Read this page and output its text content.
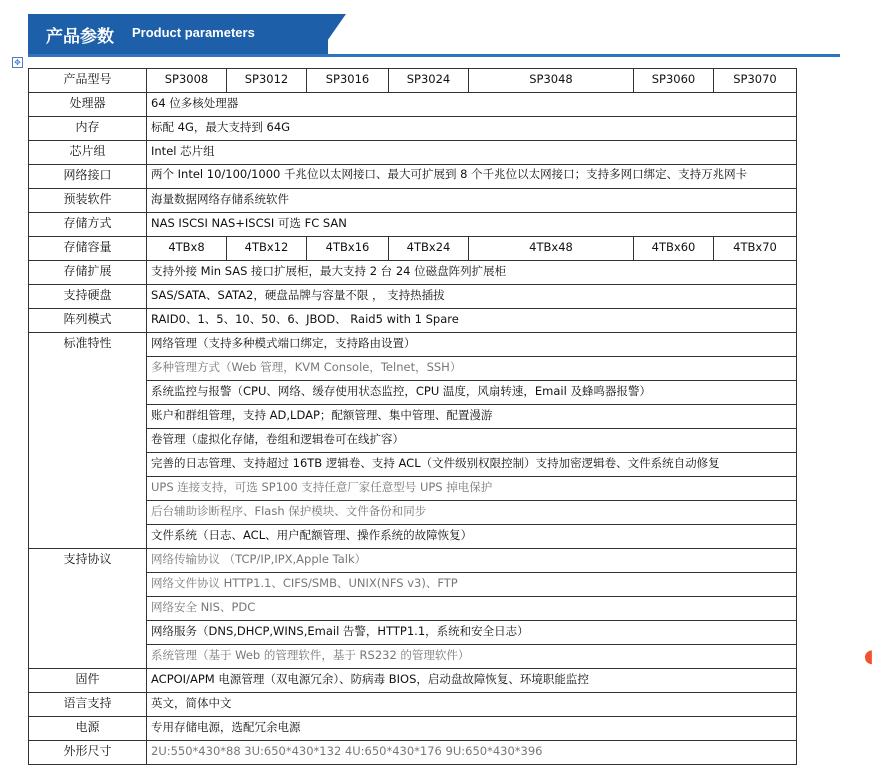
产品参数 Product parameters
✥
产品型号	SP3008	SP3012	SP3016	SP3024	SP3048	SP3060	SP3070
处理器	64 位多核处理器						
内存	标配 4G，最大支持到 64G						
芯片组	Intel 芯片组						
网络接口	两个 Intel 10/100/1000 千兆位以太网接口、最大可扩展到 8 个千兆位以太网接口；支持多网口绑定、支持万兆网卡						
预装软件	海量数据网络存储系统软件						
存储方式	NAS ISCSI NAS+ISCSI 可选 FC SAN						
存储容量	4TBx8	4TBx12	4TBx16	4TBx24	4TBx48	4TBx60	4TBx70
存储扩展	支持外接 Min SAS 接口扩展柜，最大支持 2 台 24 位磁盘阵列扩展柜						
支持硬盘	SAS/SATA、SATA2，硬盘品牌与容量不限 ， 支持热插拔						
阵列模式	RAID0、1、5、10、50、6、JBOD、 Raid5 with 1 Spare						
标准特性	网络管理（支持多种模式端口绑定，支持路由设置）						
	多种管理方式（Web 管理，KVM Console，Telnet，SSH）						
	系统监控与报警（CPU、网络、缓存使用状态监控，CPU 温度，风扇转速，Email 及蜂鸣器报警）						
	账户和群组管理，支持 AD,LDAP；配额管理、集中管理、配置漫游						
	卷管理（虚拟化存储，卷组和逻辑卷可在线扩容）						
	完善的日志管理、支持超过 16TB 逻辑卷、支持 ACL（文件级别权限控制）支持加密逻辑卷、文件系统自动修复						
	UPS 连接支持，可选 SP100 支持任意厂家任意型号 UPS 掉电保护						
	后台辅助诊断程序、Flash 保护模块、文件备份和同步						
	文件系统（日志、ACL、用户配额管理、操作系统的故障恢复）						
支持协议	网络传输协议 （TCP/IP,IPX,Apple Talk）						
	网络文件协议 HTTP1.1、CIFS/SMB、UNIX(NFS v3)、FTP						
	网络安全 NIS、PDC						
	网络服务（DNS,DHCP,WINS,Email 告警，HTTP1.1，系统和安全日志）						
	系统管理（基于 Web 的管理软件，基于 RS232 的管理软件）						
固件	ACPOI/APM 电源管理（双电源冗余）、防病毒 BIOS，启动盘故障恢复、环境职能监控						
语言支持	英文，简体中文						
电源	专用存储电源，选配冗余电源						
外形尺寸	2U:550*430*88 3U:650*430*132 4U:650*430*176 9U:650*430*396						
◖
